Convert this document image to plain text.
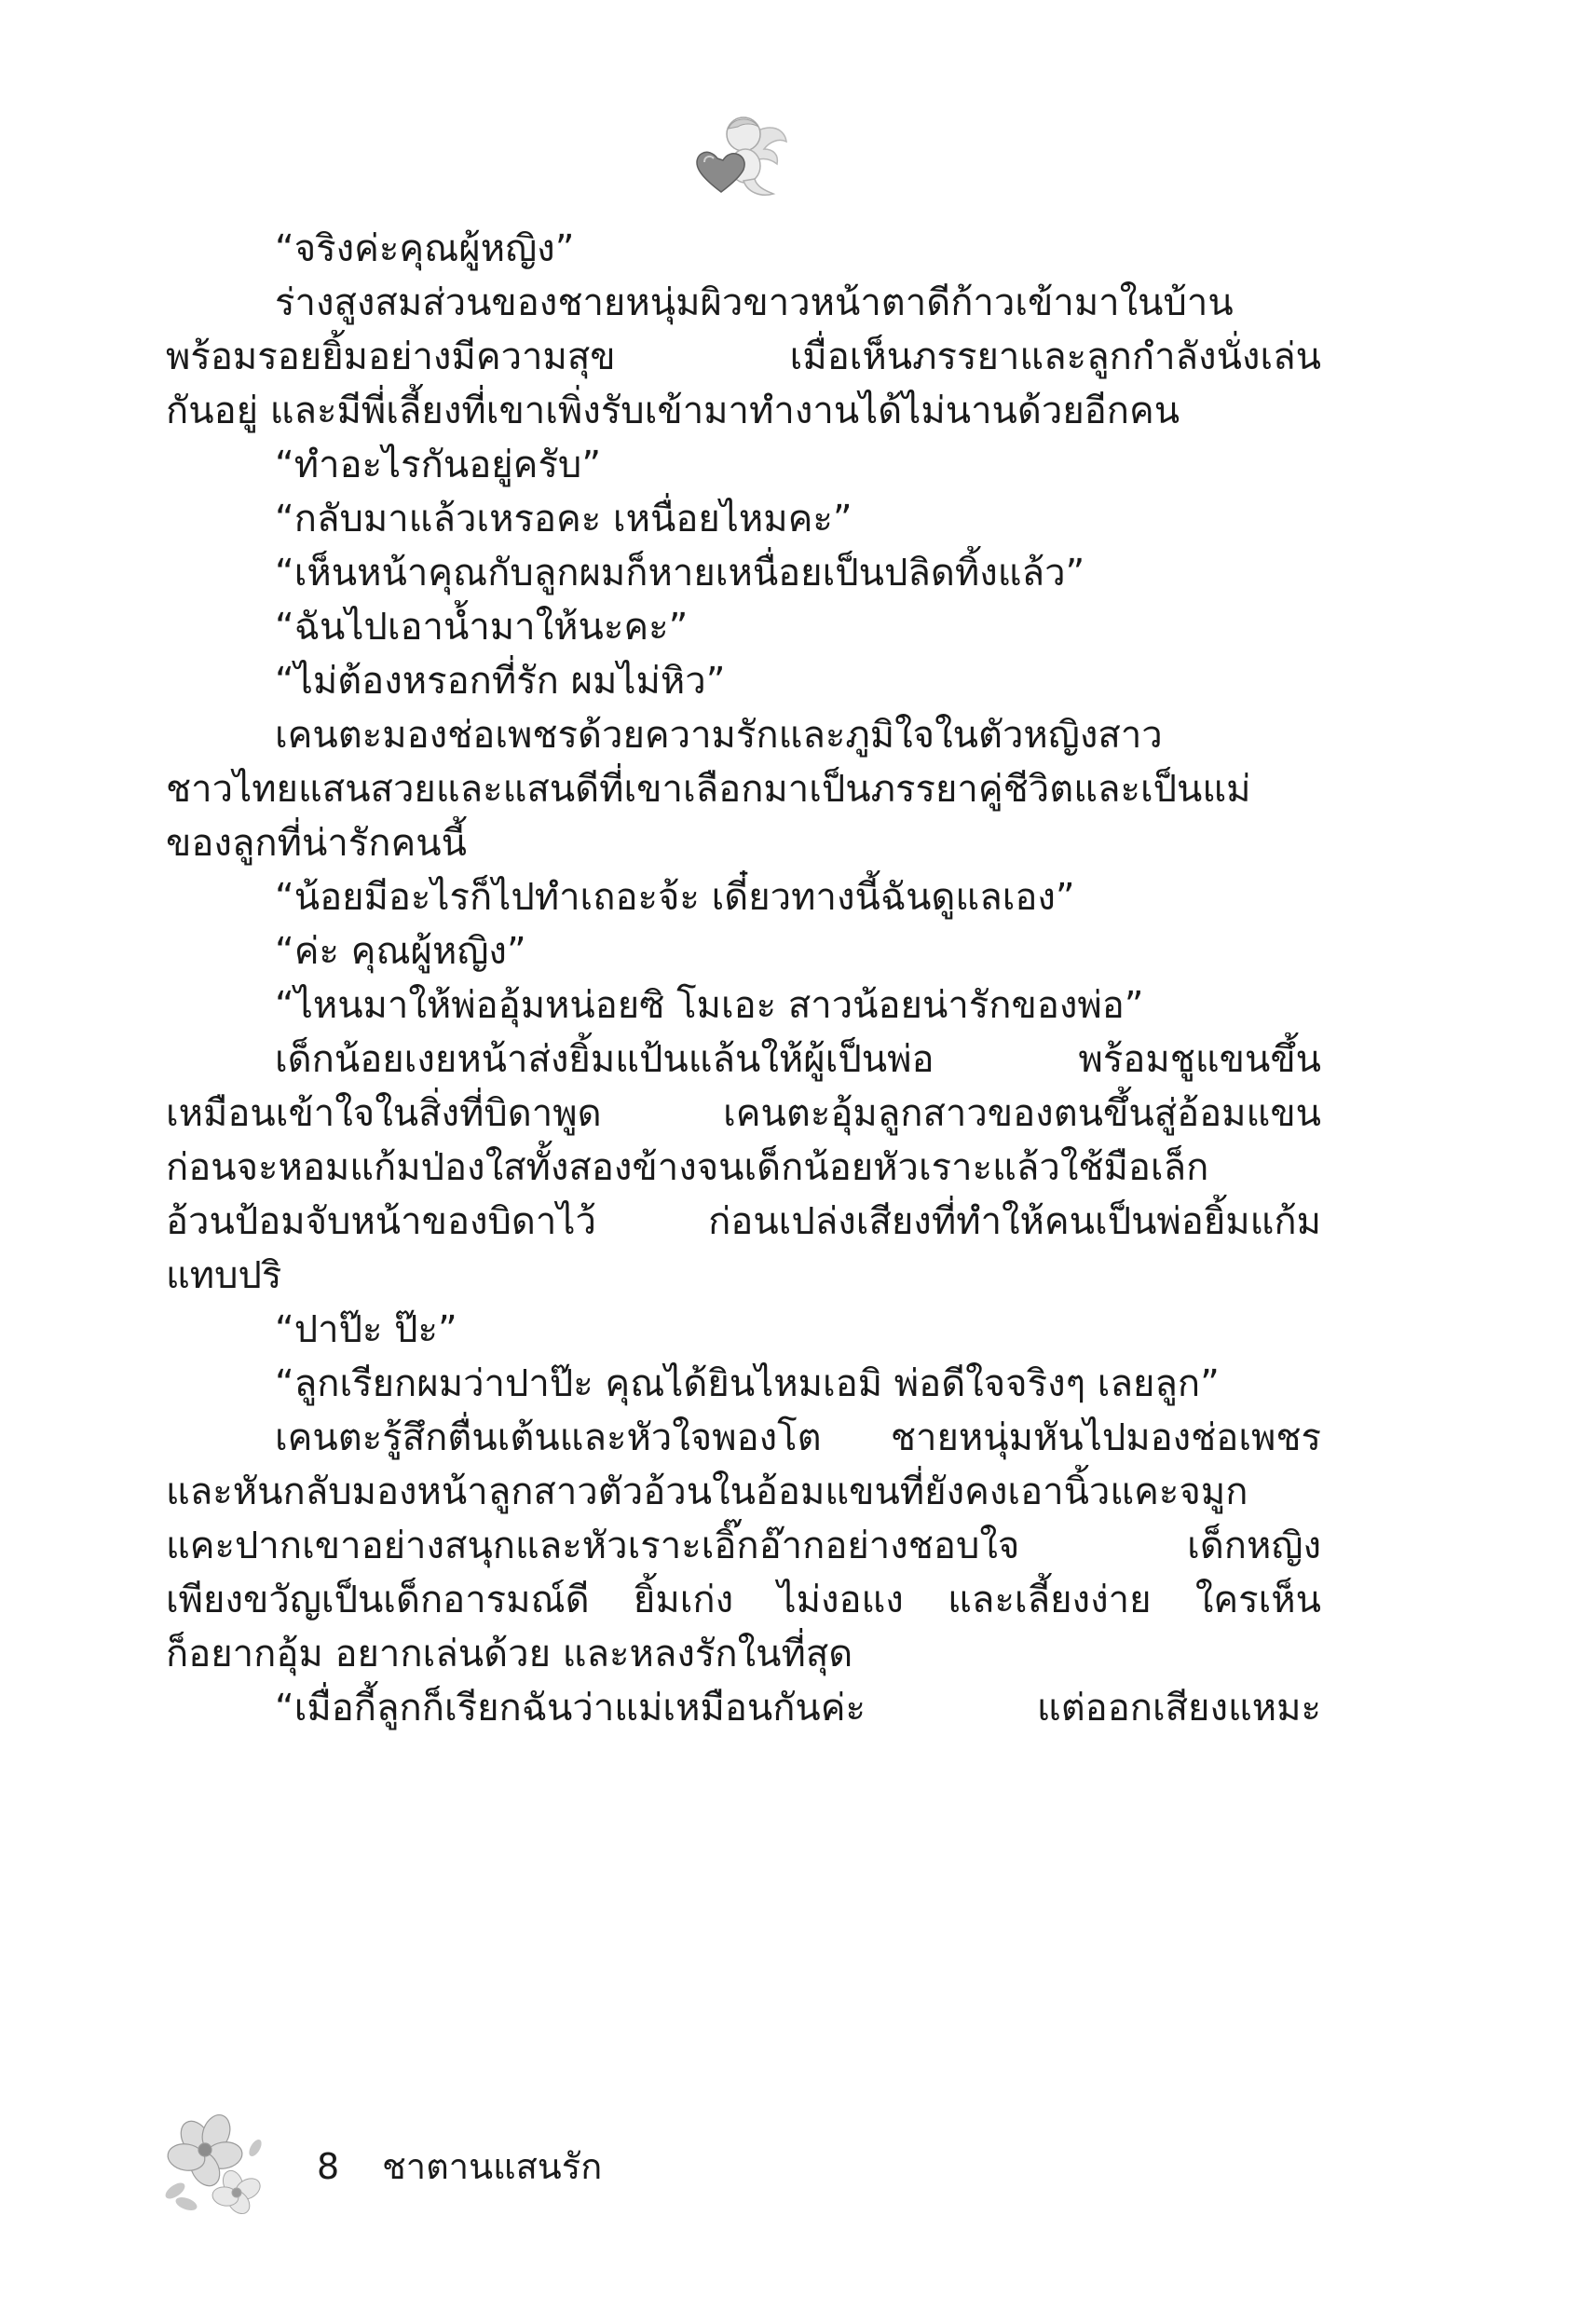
“จริงค่ะคุณผู้หญิง”
ร่างสูงสมส่วนของชายหนุ่มผิวขาวหน้าตาดีก้าวเข้ามาในบ้าน
พร้อมรอยยิ้มอย่างมีความสุข เมื่อเห็นภรรยาและลูกกำลังนั่งเล่น
กันอยู่ และมีพี่เลี้ยงที่เขาเพิ่งรับเข้ามาทำงานได้ไม่นานด้วยอีกคน
“ทำอะไรกันอยู่ครับ”
“กลับมาแล้วเหรอคะ เหนื่อยไหมคะ”
“เห็นหน้าคุณกับลูกผมก็หายเหนื่อยเป็นปลิดทิ้งแล้ว”
“ฉันไปเอาน้ำมาให้นะคะ”
“ไม่ต้องหรอกที่รัก ผมไม่หิว”
เคนตะมองช่อเพชรด้วยความรักและภูมิใจในตัวหญิงสาว
ชาวไทยแสนสวยและแสนดีที่เขาเลือกมาเป็นภรรยาคู่ชีวิตและเป็นแม่
ของลูกที่น่ารักคนนี้
“น้อยมีอะไรก็ไปทำเถอะจ้ะ เดี๋ยวทางนี้ฉันดูแลเอง”
“ค่ะ คุณผู้หญิง”
“ไหนมาให้พ่ออุ้มหน่อยซิ โมเอะ สาวน้อยน่ารักของพ่อ”
เด็กน้อยเงยหน้าส่งยิ้มแป้นแล้นให้ผู้เป็นพ่อ พร้อมชูแขนขึ้น
เหมือนเข้าใจในสิ่งที่บิดาพูด เคนตะอุ้มลูกสาวของตนขึ้นสู่อ้อมแขน
ก่อนจะหอมแก้มป่องใสทั้งสองข้างจนเด็กน้อยหัวเราะแล้วใช้มือเล็ก
อ้วนป้อมจับหน้าของบิดาไว้ ก่อนเปล่งเสียงที่ทำให้คนเป็นพ่อยิ้มแก้ม
แทบปริ
“ปาป๊ะ ป๊ะ”
“ลูกเรียกผมว่าปาป๊ะ คุณได้ยินไหมเอมิ พ่อดีใจจริงๆ เลยลูก”
เคนตะรู้สึกตื่นเต้นและหัวใจพองโต ชายหนุ่มหันไปมองช่อเพชร
และหันกลับมองหน้าลูกสาวตัวอ้วนในอ้อมแขนที่ยังคงเอานิ้วแคะจมูก
แคะปากเขาอย่างสนุกและหัวเราะเอิ๊กอ๊ากอย่างชอบใจ เด็กหญิง
เพียงขวัญเป็นเด็กอารมณ์ดี ยิ้มเก่ง ไม่งอแง และเลี้ยงง่าย ใครเห็น
ก็อยากอุ้ม อยากเล่นด้วย และหลงรักในที่สุด
“เมื่อกี้ลูกก็เรียกฉันว่าแม่เหมือนกันค่ะ แต่ออกเสียงแหมะ
8 ชาตานแสนรัก
